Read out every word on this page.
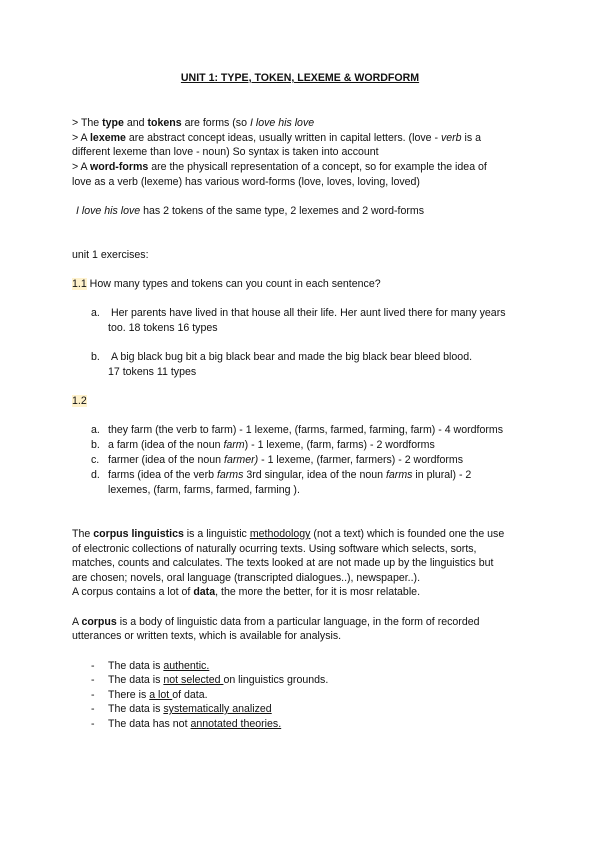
UNIT 1: TYPE, TOKEN, LEXEME & WORDFORM
> The type and tokens are forms (so I love his love
> A lexeme are abstract concept ideas, usually written in capital letters. (love - verb is a
different lexeme than love - noun) So syntax is taken into account
> A word-forms are the physicall representation of a concept, so for example the idea of
love as a verb (lexeme) has various word-forms (love, loves, loving, loved)
I love his love has 2 tokens of the same type, 2 lexemes and 2 word-forms
unit 1 exercises:
1.1 How many types and tokens can you count in each sentence?
a. Her parents have lived in that house all their life. Her aunt lived there for many years
too. 18 tokens 16 types
b. A big black bug bit a big black bear and made the big black bear bleed blood.
17 tokens 11 types
1.2
a. they farm (the verb to farm) - 1 lexeme, (farms, farmed, farming, farm) - 4 wordforms
b. a farm (idea of the noun farm) - 1 lexeme, (farm, farms) - 2 wordforms
c. farmer (idea of the noun farmer) - 1 lexeme, (farmer, farmers) - 2 wordforms
d. farms (idea of the verb farms 3rd singular, idea of the noun farms in plural) - 2
lexemes, (farm, farms, farmed, farming ).
The corpus linguistics is a linguistic methodology (not a text) which is founded one the use
of electronic collections of naturally ocurring texts. Using software which selects, sorts,
matches, counts and calculates. The texts looked at are not made up by the linguistics but
are chosen; novels, oral language (transcripted dialogues..), newspaper..).
A corpus contains a lot of data, the more the better, for it is mosr relatable.
A corpus is a body of linguistic data from a particular language, in the form of recorded
utterances or written texts, which is available for analysis.
- The data is authentic.
- The data is not selected on linguistics grounds.
- There is a lot of data.
- The data is systematically analized
- The data has not annotated theories.
